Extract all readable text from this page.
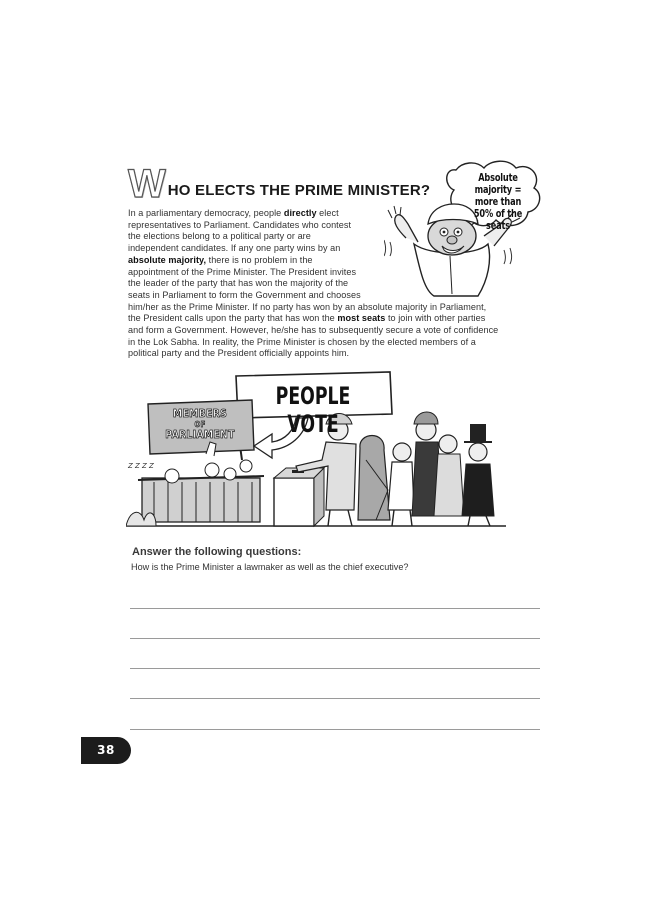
W HO ELECTS THE PRIME MINISTER?
Absolute
majority = more than
50% of the seats
In a parliamentary democracy, people directly elect
representatives to Parliament. Candidates who contest
the elections belong to a political party or are
independent candidates. If any one party wins by an
absolute majority, there is no problem in the
appointment of the Prime Minister. The President invites
the leader of the party that has won the majority of the
seats in Parliament to form the Government and chooses
him/her as the Prime Minister. If no party has won by an absolute majority in Parliament,
the President calls upon the party that has won the most seats to join with other parties
and form a Government. However, he/she has to subsequently secure a vote of confidence
in the Lok Sabha. In reality, the Prime Minister is chosen by the elected members of a
political party and the President officially appoints him.
PEOPLE VOTE
MEMBERS
OF
PARLIAMENT
Z Z Z Z
Answer the following questions:
How is the Prime Minister a lawmaker as well as the chief executive?
38
